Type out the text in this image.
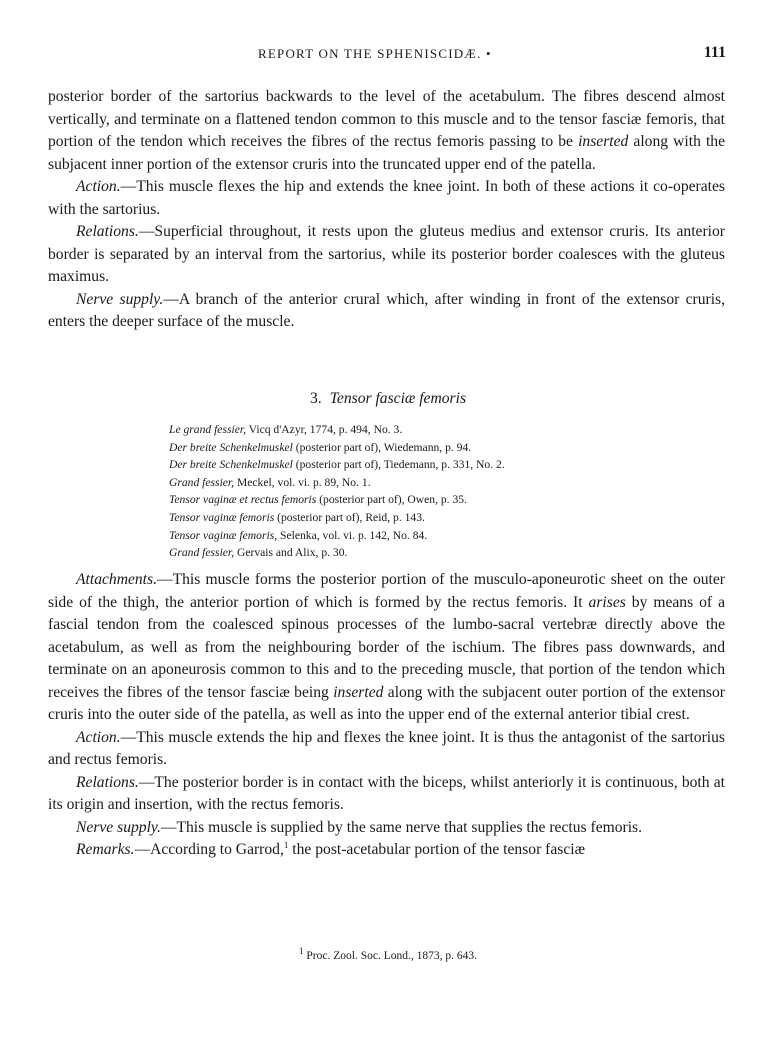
REPORT ON THE SPHENISCIDÆ. •	111

posterior border of the sartorius backwards to the level of the acetabulum. The fibres descend almost vertically, and terminate on a flattened tendon common to this muscle and to the tensor fasciæ femoris, that portion of the tendon which receives the fibres of the rectus femoris passing to be inserted along with the subjacent inner portion of the extensor cruris into the truncated upper end of the patella.

Action.—This muscle flexes the hip and extends the knee joint. In both of these actions it co-operates with the sartorius.

Relations.—Superficial throughout, it rests upon the gluteus medius and extensor cruris. Its anterior border is separated by an interval from the sartorius, while its posterior border coalesces with the gluteus maximus.

Nerve supply.—A branch of the anterior crural which, after winding in front of the extensor cruris, enters the deeper surface of the muscle.

3. Tensor fasciæ femoris
Le grand fessier, Vicq d'Azyr, 1774, p. 494, No. 3.
Der breite Schenkelmuskel (posterior part of), Wiedemann, p. 94.
Der breite Schenkelmuskel (posterior part of), Tiedemann, p. 331, No. 2.
Grand fessier, Meckel, vol. vi. p. 89, No. 1.
Tensor vaginæ et rectus femoris (posterior part of), Owen, p. 35.
Tensor vaginæ femoris (posterior part of), Reid, p. 143.
Tensor vaginæ femoris, Selenka, vol. vi. p. 142, No. 84.
Grand fessier, Gervais and Alix, p. 30.

Attachments.—This muscle forms the posterior portion of the musculo-aponeurotic sheet on the outer side of the thigh, the anterior portion of which is formed by the rectus femoris. It arises by means of a fascial tendon from the coalesced spinous processes of the lumbo-sacral vertebræ directly above the acetabulum, as well as from the neighbouring border of the ischium. The fibres pass downwards, and terminate on an aponeurosis common to this and to the preceding muscle, that portion of the tendon which receives the fibres of the tensor fasciæ being inserted along with the subjacent outer portion of the extensor cruris into the outer side of the patella, as well as into the upper end of the external anterior tibial crest.

Action.—This muscle extends the hip and flexes the knee joint. It is thus the antagonist of the sartorius and rectus femoris.

Relations.—The posterior border is in contact with the biceps, whilst anteriorly it is continuous, both at its origin and insertion, with the rectus femoris.

Nerve supply.—This muscle is supplied by the same nerve that supplies the rectus femoris.

Remarks.—According to Garrod,$^1$ the post-acetabular portion of the tensor fasciæ

$^1$ Proc. Zool. Soc. Lond., 1873, p. 643.
